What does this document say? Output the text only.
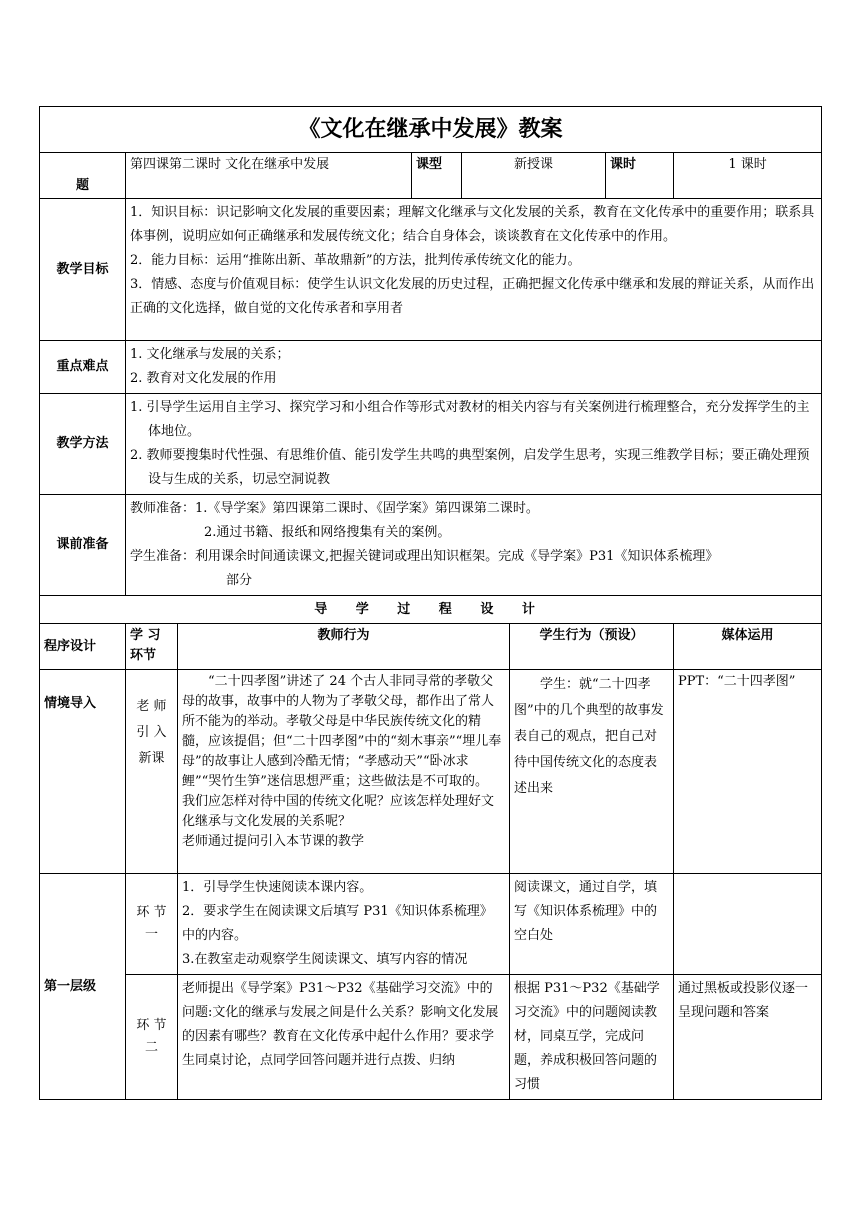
《文化在继承中发展》教案							
题	第四课第二课时 文化在继承中发展		课型	新授课		课时	1 课时
教学目标	1．知识目标：识记影响文化发展的重要因素；理解文化继承与文化发展的关系，教育在文化传承中的重要作用；联系具体事例，说明应如何正确继承和发展传统文化；结合自身体会，谈谈教育在文化传承中的作用。

2．能力目标：运用“推陈出新、革故鼎新”的方法，批判传承传统文化的能力。

3．情感、态度与价值观目标：使学生认识文化发展的历史过程，正确把握文化传承中继承和发展的辩证关系，从而作出正确的文化选择，做自觉的文化传承者和享用者						

重点难点	1. 文化继承与发展的关系；

2. 教育对文化发展的作用						

教学方法	1. 引导学生运用自主学习、探究学习和小组合作等形式对教材的相关内容与有关案例进行梳理整合，充分发挥学生的主体地位。

2. 教师要搜集时代性强、有思维价值、能引发学生共鸣的典型案例，启发学生思考，实现三维教学目标；要正确处理预设与生成的关系，切忌空洞说教						

课前准备	教师准备：1.《导学案》第四课第二课时、《固学案》第四课第二课时。

2.通过书籍、报纸和网络搜集有关的案例。

学生准备：利用课余时间通读课文,把握关键词或理出知识框架。完成《导学案》P31《知识体系梳理》

部分						

导 学 过 程 设 计							
程序设计	学 习 环节	教师行为			学生行为（预设）		媒体运用
情境导入	老 师 引 入 新课	“二十四孝图”讲述了 24 个古人非同寻常的孝敬父母的故事，故事中的人物为了孝敬父母，都作出了常人所不能为的举动。孝敬父母是中华民族传统文化的精髓，应该提倡；但“二十四孝图”中的“刻木事亲”“埋儿奉母”的故事让人感到冷酷无情；“孝感动天”“卧冰求鲤”“哭竹生笋”迷信思想严重；这些做法是不可取的。

我们应怎样对待中国的传统文化呢？应该怎样处理好文化继承与文化发展的关系呢？

老师通过提问引入本节课的教学			学生：就“二十四孝图”中的几个典型的故事发表自己的观点，把自己对待中国传统文化的态度表述出来		PPT：“二十四孝图”
第一层级	环 节 一	1．引导学生快速阅读本课内容。

2．要求学生在阅读课文后填写 P31《知识体系梳理》中的内容。

3.在教室走动观察学生阅读课文、填写内容的情况			阅读课文，通过自学，填写《知识体系梳理》中的空白处		
	环 节 二	老师提出《导学案》P31～P32《基础学习交流》中的问题:文化的继承与发展之间是什么关系？影响文化发展的因素有哪些？教育在文化传承中起什么作用？要求学生同桌讨论，点同学回答问题并进行点拨、归纳			根据 P31～P32《基础学习交流》中的问题阅读教材，同桌互学，完成问题，养成积极回答问题的习惯		通过黑板或投影仪逐一呈现问题和答案
